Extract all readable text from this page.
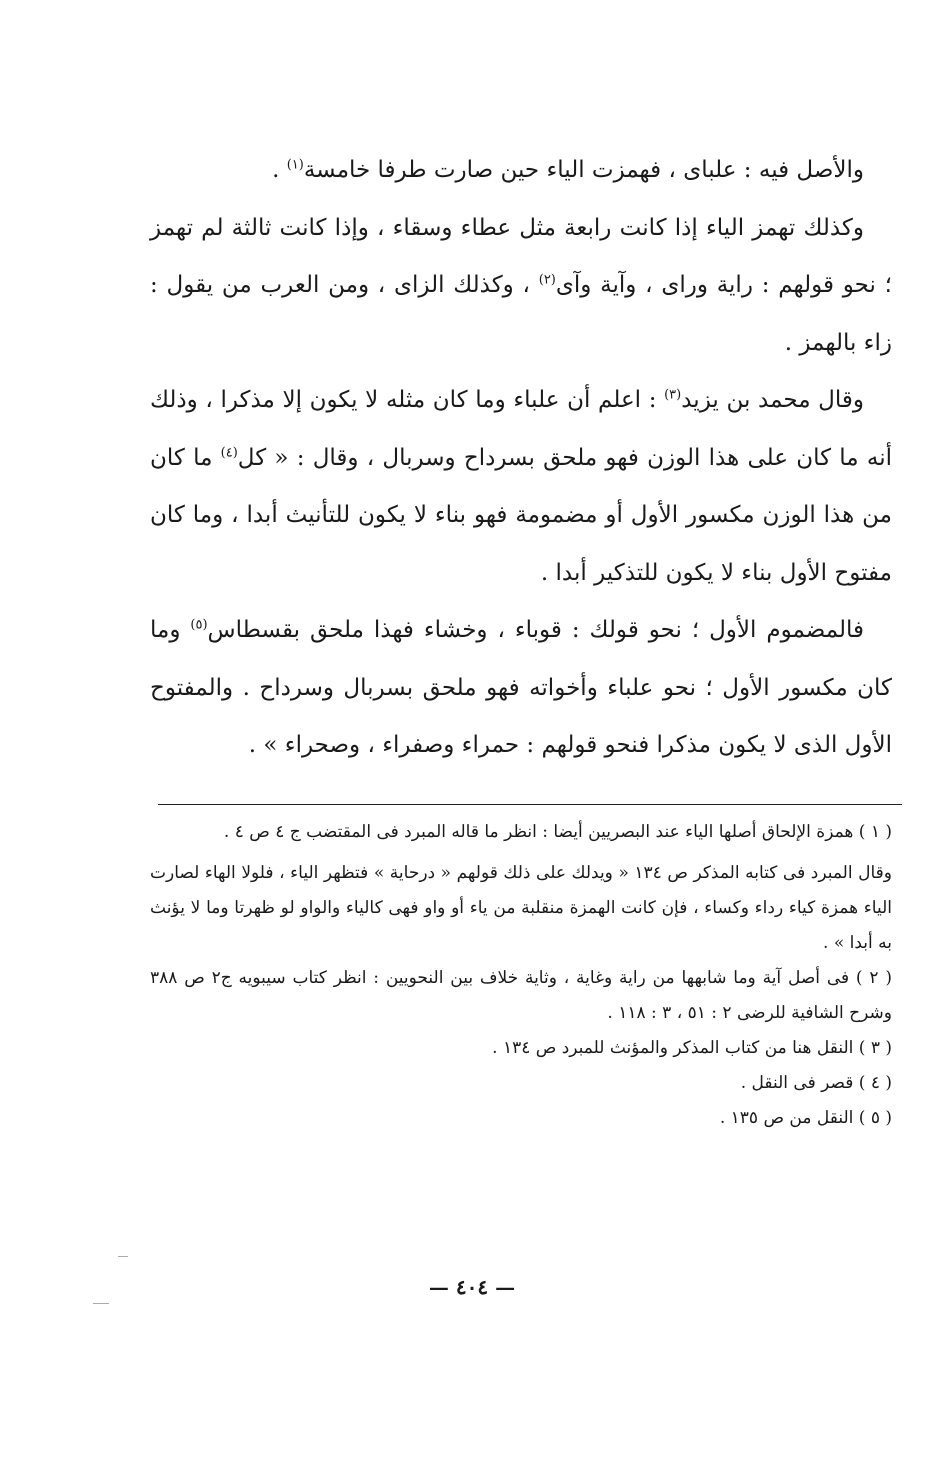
والأصل فيه : علباى ، فهمزت الياء حين صارت طرفا خامسة$^{(١)}$ .

وكذلك تهمز الياء إذا كانت رابعة مثل عطاء وسقاء ، وإذا كانت ثالثة لم تهمز ؛ نحو قولهم : راية وراى ، وآية وآى$^{(٢)}$ ، وكذلك الزاى ، ومن العرب من يقول : زاء بالهمز .

وقال محمد بن يزيد$^{(٣)}$ : اعلم أن علباء وما كان مثله لا يكون إلا مذكرا ، وذلك أنه ما كان على هذا الوزن فهو ملحق بسرداح وسربال ، وقال : « كل$^{(٤)}$ ما كان من هذا الوزن مكسور الأول أو مضمومة فهو بناء لا يكون للتأنيث أبدا ، وما كان مفتوح الأول بناء لا يكون للتذكير أبدا .

فالمضموم الأول ؛ نحو قولك : قوباء ، وخشاء فهذا ملحق بقسطاس$^{(٥)}$ وما كان مكسور الأول ؛ نحو علباء وأخواته فهو ملحق بسربال وسرداح . والمفتوح الأول الذى لا يكون مذكرا فنحو قولهم : حمراء وصفراء ، وصحراء » .

( ١ ) همزة الإلحاق أصلها الياء عند البصريين أيضا : انظر ما قاله المبرد فى المقتضب ج ٤ ص ٤ .

وقال المبرد فى كتابه المذكر ص ١٣٤ « ويدلك على ذلك قولهم « درحاية » فتظهر الياء ، فلولا الهاء لصارت الياء همزة كياء رداء وكساء ، فإن كانت الهمزة منقلبة من ياء أو واو فهى كالياء والواو لو ظهرتا وما لا يؤنث به أبدا » .

( ٢ ) فى أصل آية وما شابهها من راية وغاية ، وثاية خلاف بين النحويين : انظر كتاب سيبويه ج٢ ص ٣٨٨ وشرح الشافية للرضى ٢ : ٥١ ، ٣ : ١١٨ .

( ٣ ) النقل هنا من كتاب المذكر والمؤنث للمبرد ص ١٣٤ .

( ٤ ) قصر فى النقل .

( ٥ ) النقل من ص ١٣٥ .

— ٤٠٤ —
